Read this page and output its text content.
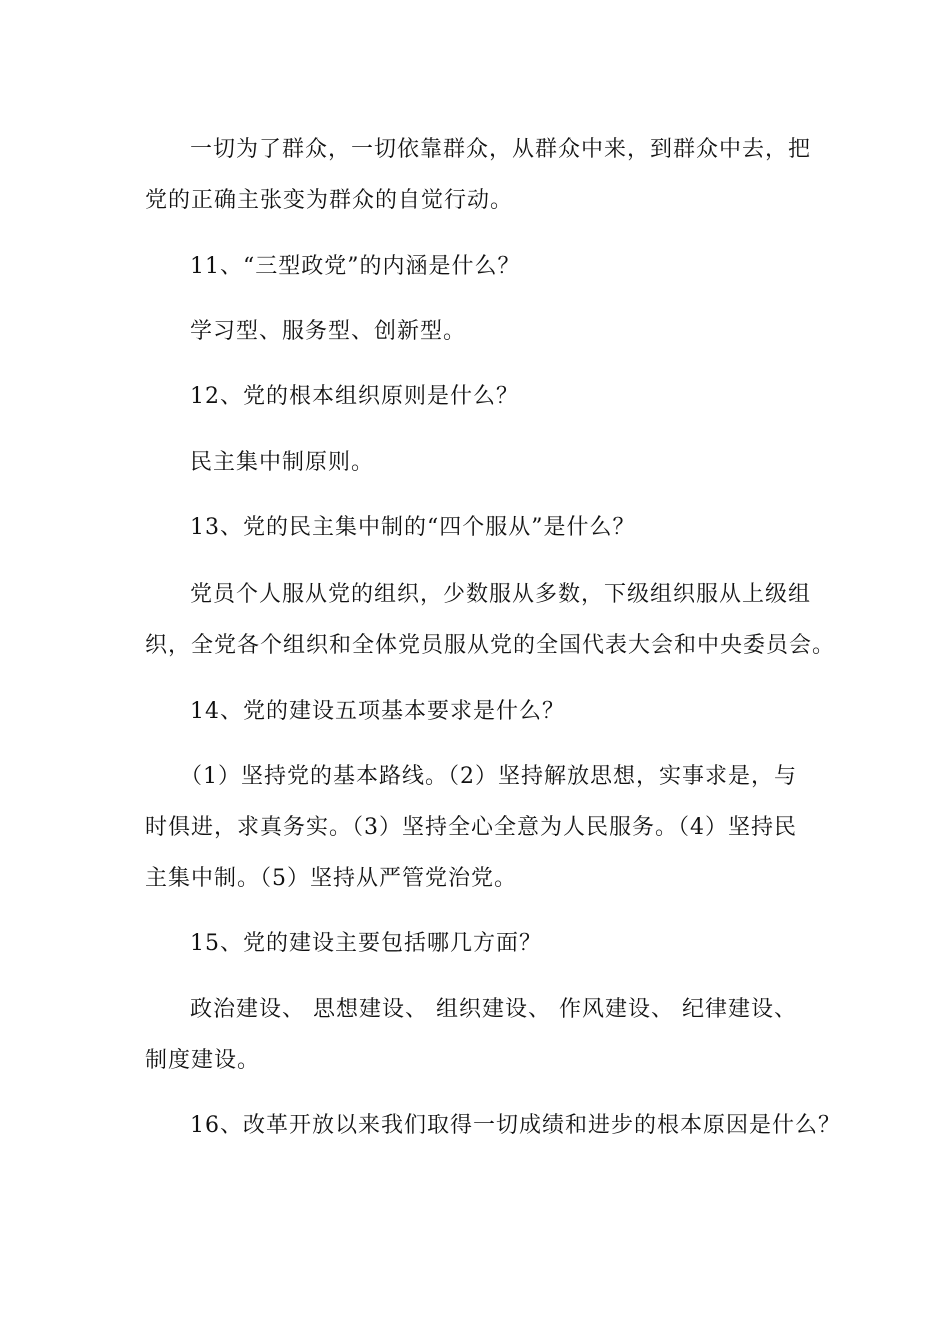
一切为了群众，一切依靠群众，从群众中来，到群众中去，把
党的正确主张变为群众的自觉行动。
11、“三型政党”的内涵是什么？
学习型、服务型、创新型。
12、党的根本组织原则是什么？
民主集中制原则。
13、党的民主集中制的“四个服从”是什么？
党员个人服从党的组织，少数服从多数，下级组织服从上级组
织，全党各个组织和全体党员服从党的全国代表大会和中央委员会。
14、党的建设五项基本要求是什么？
（1）坚持党的基本路线。（2）坚持解放思想，实事求是，与
时俱进，求真务实。（3）坚持全心全意为人民服务。（4）坚持民
主集中制。（5）坚持从严管党治党。
15、党的建设主要包括哪几方面？
政治建设、 思想建设、 组织建设、 作风建设、 纪律建设、
制度建设。
16、改革开放以来我们取得一切成绩和进步的根本原因是什么？
